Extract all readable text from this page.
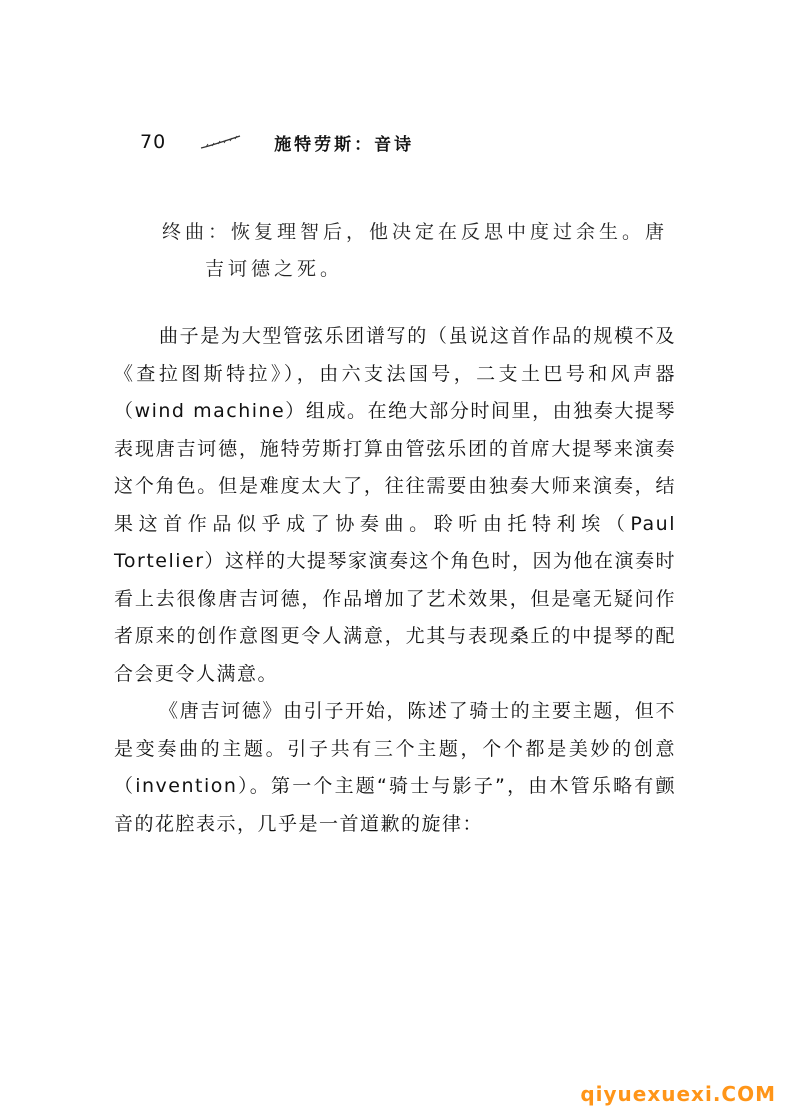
70	施特劳斯：音诗
终曲：恢复理智后，他决定在反思中度过余生。唐
吉诃德之死。

曲子是为大型管弦乐团谱写的（虽说这首作品的规模不及《查拉图斯特拉》），由六支法国号，二支土巴号和风声器（wind machine）组成。在绝大部分时间里，由独奏大提琴表现唐吉诃德，施特劳斯打算由管弦乐团的首席大提琴来演奏这个角色。但是难度太大了，往往需要由独奏大师来演奏，结果这首作品似乎成了协奏曲。聆听由托特利埃（Paul Tortelier）这样的大提琴家演奏这个角色时，因为他在演奏时看上去很像唐吉诃德，作品增加了艺术效果，但是毫无疑问作者原来的创作意图更令人满意，尤其与表现桑丘的中提琴的配合会更令人满意。

《唐吉诃德》由引子开始，陈述了骑士的主要主题，但不是变奏曲的主题。引子共有三个主题，个个都是美妙的创意（invention）。第一个主题“骑士与影子”，由木管乐略有颤音的花腔表示，几乎是一首道歉的旋律：

qiyuexuexi.COM
